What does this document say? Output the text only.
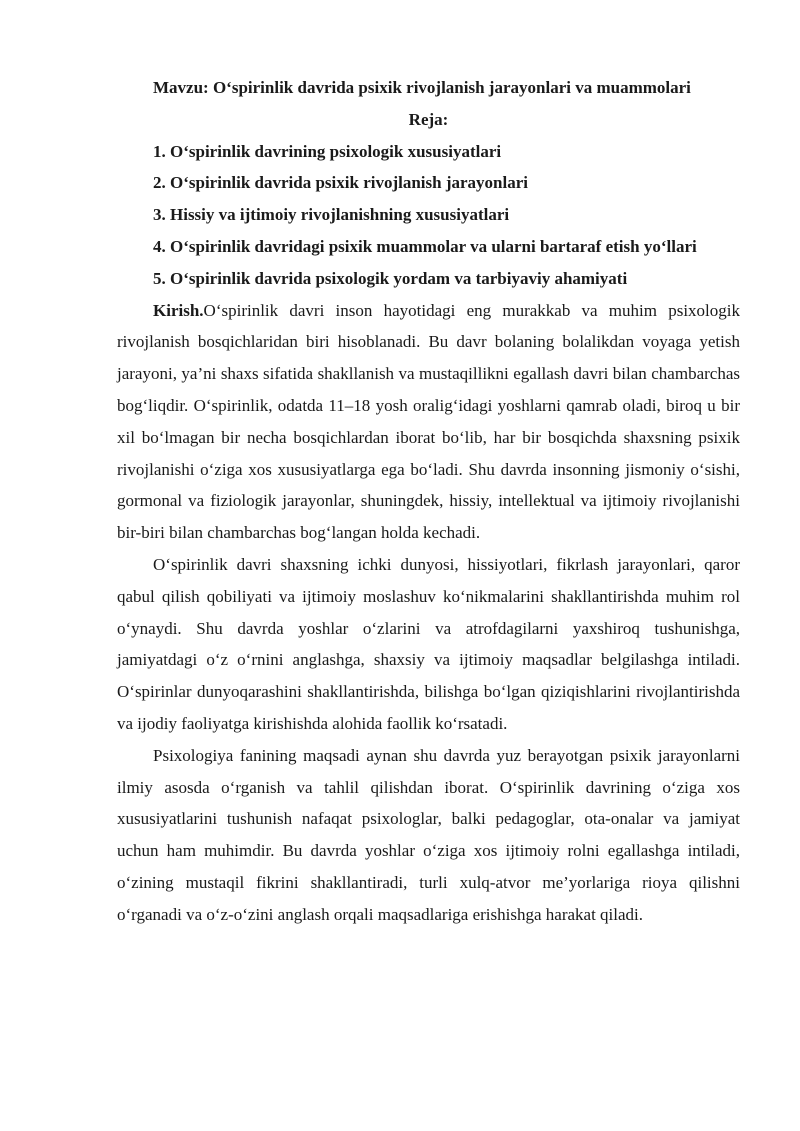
Mavzu: O‘spirinlik davrida psixik rivojlanish jarayonlari va muammolari

Reja:

1. O‘spirinlik davrining psixologik xususiyatlari

2. O‘spirinlik davrida psixik rivojlanish jarayonlari

3. Hissiy va ijtimoiy rivojlanishning xususiyatlari

4. O‘spirinlik davridagi psixik muammolar va ularni bartaraf etish yo‘llari

5. O‘spirinlik davrida psixologik yordam va tarbiyaviy ahamiyati

Kirish.O‘spirinlik davri inson hayotidagi eng murakkab va muhim psixologik rivojlanish bosqichlaridan biri hisoblanadi. Bu davr bolaning bolalikdan voyaga yetish jarayoni, ya’ni shaxs sifatida shakllanish va mustaqillikni egallash davri bilan chambarchas bog‘liqdir. O‘spirinlik, odatda 11–18 yosh oralig‘idagi yoshlarni qamrab oladi, biroq u bir xil bo‘lmagan bir necha bosqichlardan iborat bo‘lib, har bir bosqichda shaxsning psixik rivojlanishi o‘ziga xos xususiyatlarga ega bo‘ladi. Shu davrda insonning jismoniy o‘sishi, gormonal va fiziologik jarayonlar, shuningdek, hissiy, intellektual va ijtimoiy rivojlanishi bir-biri bilan chambarchas bog‘langan holda kechadi.

O‘spirinlik davri shaxsning ichki dunyosi, hissiyotlari, fikrlash jarayonlari, qaror qabul qilish qobiliyati va ijtimoiy moslashuv ko‘nikmalarini shakllantirishda muhim rol o‘ynaydi. Shu davrda yoshlar o‘zlarini va atrofdagilarni yaxshiroq tushunishga, jamiyatdagi o‘z o‘rnini anglashga, shaxsiy va ijtimoiy maqsadlar belgilashga intiladi. O‘spirinlar dunyoqarashini shakllantirishda, bilishga bo‘lgan qiziqishlarini rivojlantirishda va ijodiy faoliyatga kirishishda alohida faollik ko‘rsatadi.

Psixologiya fanining maqsadi aynan shu davrda yuz berayotgan psixik jarayonlarni ilmiy asosda o‘rganish va tahlil qilishdan iborat. O‘spirinlik davrining o‘ziga xos xususiyatlarini tushunish nafaqat psixologlar, balki pedagoglar, ota-onalar va jamiyat uchun ham muhimdir. Bu davrda yoshlar o‘ziga xos ijtimoiy rolni egallashga intiladi, o‘zining mustaqil fikrini shakllantiradi, turli xulq-atvor me’yorlariga rioya qilishni o‘rganadi va o‘z-o‘zini anglash orqali maqsadlariga erishishga harakat qiladi.
